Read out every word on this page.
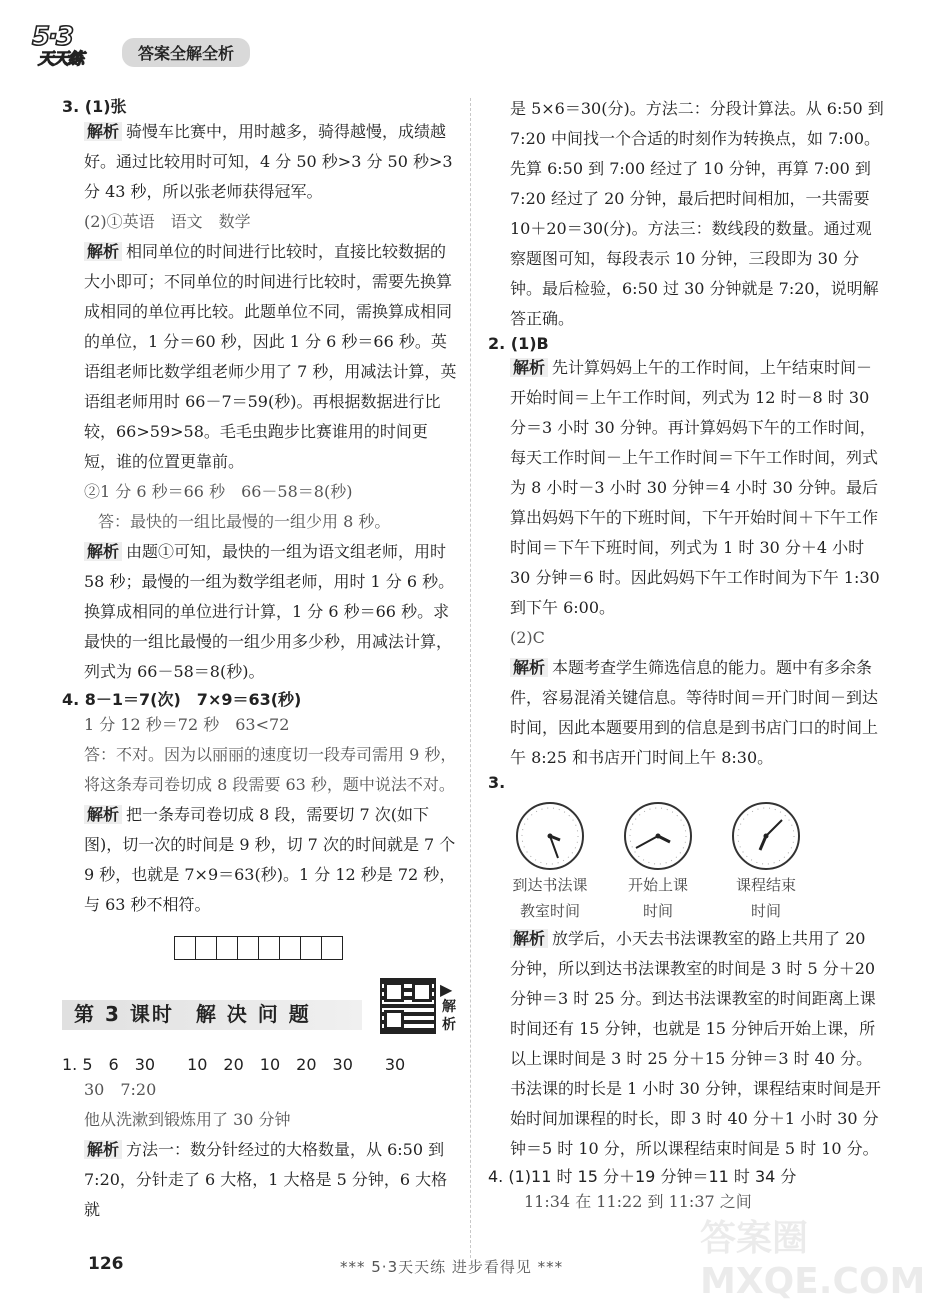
5·3
天天练	答案全解全析

3. (1)张

解析 骑慢车比赛中，用时越多，骑得越慢，成绩越好。通过比较用时可知，4 分 50 秒>3 分 50 秒>3 分 43 秒，所以张老师获得冠军。

(2)①英语　语文　数学

解析 相同单位的时间进行比较时，直接比较数据的大小即可；不同单位的时间进行比较时，需要先换算成相同的单位再比较。此题单位不同，需换算成相同的单位，1 分＝60 秒，因此 1 分 6 秒＝66 秒。英语组老师比数学组老师少用了 7 秒，用减法计算，英语组老师用时 66－7＝59(秒)。再根据数据进行比较，66>59>58。毛毛虫跑步比赛谁用的时间更短，谁的位置更靠前。

②1 分 6 秒＝66 秒　66－58＝8(秒)

答：最快的一组比最慢的一组少用 8 秒。

解析 由题①可知，最快的一组为语文组老师，用时 58 秒；最慢的一组为数学组老师，用时 1 分 6 秒。换算成相同的单位进行计算，1 分 6 秒＝66 秒。求最快的一组比最慢的一组少用多少秒，用减法计算，列式为 66－58＝8(秒)。

4. 8－1＝7(次)　7×9＝63(秒)

1 分 12 秒＝72 秒　63<72

答：不对。因为以丽丽的速度切一段寿司需用 9 秒，将这条寿司卷切成 8 段需要 63 秒，题中说法不对。

解析 把一条寿司卷切成 8 段，需要切 7 次(如下图)，切一次的时间是 9 秒，切 7 次的时间就是 7 个 9 秒，也就是 7×9＝63(秒)。1 分 12 秒是 72 秒，与 63 秒不相符。

第 3 课时　解 决 问 题
▶
解析

1. 5　6　30　　10　20　10　20　30　　30

30　7:20

他从洗漱到锻炼用了 30 分钟

解析 方法一：数分针经过的大格数量，从 6:50 到 7:20，分针走了 6 大格，1 大格是 5 分钟，6 大格就

是 5×6＝30(分)。方法二：分段计算法。从 6:50 到 7:20 中间找一个合适的时刻作为转换点，如 7:00。先算 6:50 到 7:00 经过了 10 分钟，再算 7:00 到 7:20 经过了 20 分钟，最后把时间相加，一共需要 10＋20＝30(分)。方法三：数线段的数量。通过观察题图可知，每段表示 10 分钟，三段即为 30 分钟。最后检验，6:50 过 30 分钟就是 7:20，说明解答正确。

2. (1)B

解析 先计算妈妈上午的工作时间，上午结束时间－开始时间＝上午工作时间，列式为 12 时－8 时 30 分＝3 小时 30 分钟。再计算妈妈下午的工作时间，每天工作时间－上午工作时间＝下午工作时间，列式为 8 小时－3 小时 30 分钟＝4 小时 30 分钟。最后算出妈妈下午的下班时间，下午开始时间＋下午工作时间＝下午下班时间，列式为 1 时 30 分＋4 小时 30 分钟＝6 时。因此妈妈下午工作时间为下午 1:30 到下午 6:00。

(2)C

解析 本题考查学生筛选信息的能力。题中有多余条件，容易混淆关键信息。等待时间＝开门时间－到达时间，因此本题要用到的信息是到书店门口的时间上午 8:25 和书店开门时间上午 8:30。

3.

到达书法课
教室时间
开始上课
时间
课程结束
时间

解析 放学后，小天去书法课教室的路上共用了 20 分钟，所以到达书法课教室的时间是 3 时 5 分＋20 分钟＝3 时 25 分。到达书法课教室的时间距离上课时间还有 15 分钟，也就是 15 分钟后开始上课，所以上课时间是 3 时 25 分＋15 分钟＝3 时 40 分。书法课的时长是 1 小时 30 分钟，课程结束时间是开始时间加课程的时长，即 3 时 40 分＋1 小时 30 分钟＝5 时 10 分，所以课程结束时间是 5 时 10 分。

4. (1)11 时 15 分＋19 分钟＝11 时 34 分

11:34 在 11:22 到 11:37 之间

答案圈 MXQE.COM
126	*** 5·3天天练 进步看得见 ***
